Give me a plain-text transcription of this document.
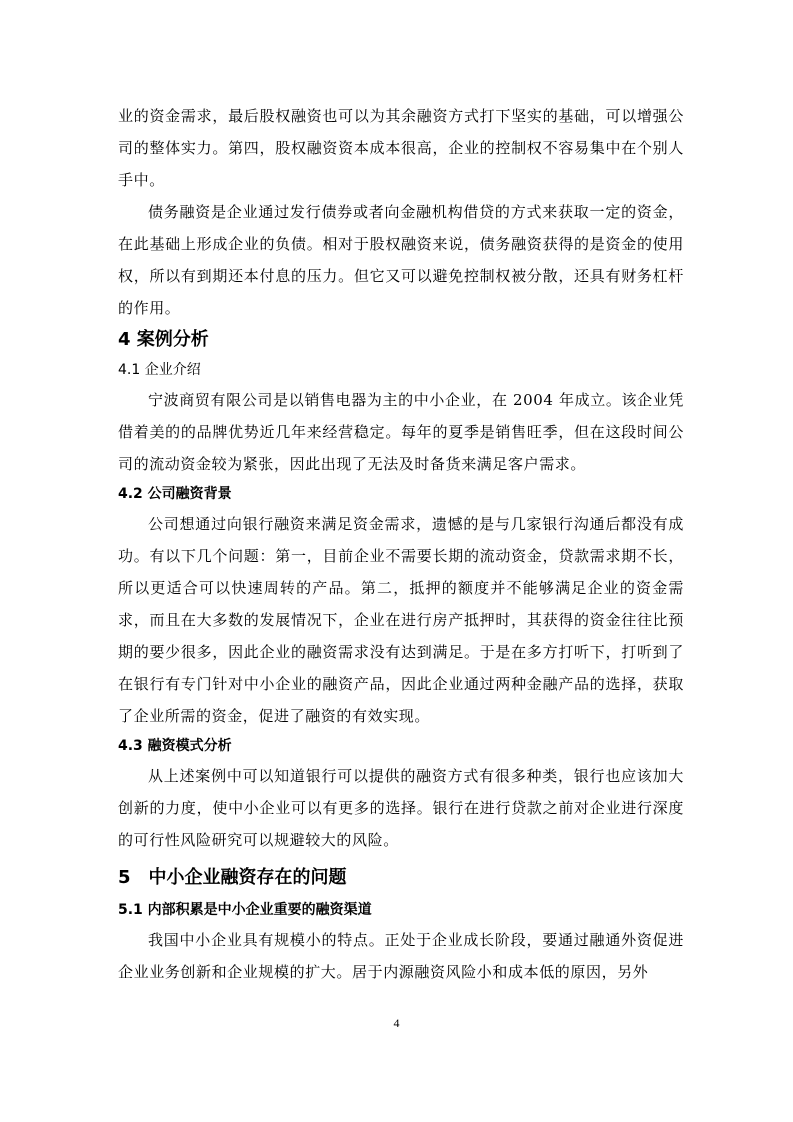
业的资金需求，最后股权融资也可以为其余融资方式打下坚实的基础，可以增强公司的整体实力。第四，股权融资资本成本很高，企业的控制权不容易集中在个别人手中。

债务融资是企业通过发行债券或者向金融机构借贷的方式来获取一定的资金，在此基础上形成企业的负债。相对于股权融资来说，债务融资获得的是资金的使用权，所以有到期还本付息的压力。但它又可以避免控制权被分散，还具有财务杠杆的作用。

4 案例分析
4.1 企业介绍

宁波商贸有限公司是以销售电器为主的中小企业，在 2004 年成立。该企业凭借着美的的品牌优势近几年来经营稳定。每年的夏季是销售旺季，但在这段时间公司的流动资金较为紧张，因此出现了无法及时备货来满足客户需求。

4.2 公司融资背景

公司想通过向银行融资来满足资金需求，遗憾的是与几家银行沟通后都没有成功。有以下几个问题：第一，目前企业不需要长期的流动资金，贷款需求期不长，所以更适合可以快速周转的产品。第二，抵押的额度并不能够满足企业的资金需求，而且在大多数的发展情况下，企业在进行房产抵押时，其获得的资金往往比预期的要少很多，因此企业的融资需求没有达到满足。于是在多方打听下，打听到了在银行有专门针对中小企业的融资产品，因此企业通过两种金融产品的选择，获取了企业所需的资金，促进了融资的有效实现。

4.3 融资模式分析

从上述案例中可以知道银行可以提供的融资方式有很多种类，银行也应该加大创新的力度，使中小企业可以有更多的选择。银行在进行贷款之前对企业进行深度的可行性风险研究可以规避较大的风险。

5　中小企业融资存在的问题
5.1 内部积累是中小企业重要的融资渠道

我国中小企业具有规模小的特点。正处于企业成长阶段，要通过融通外资促进企业业务创新和企业规模的扩大。居于内源融资风险小和成本低的原因，另外

4
